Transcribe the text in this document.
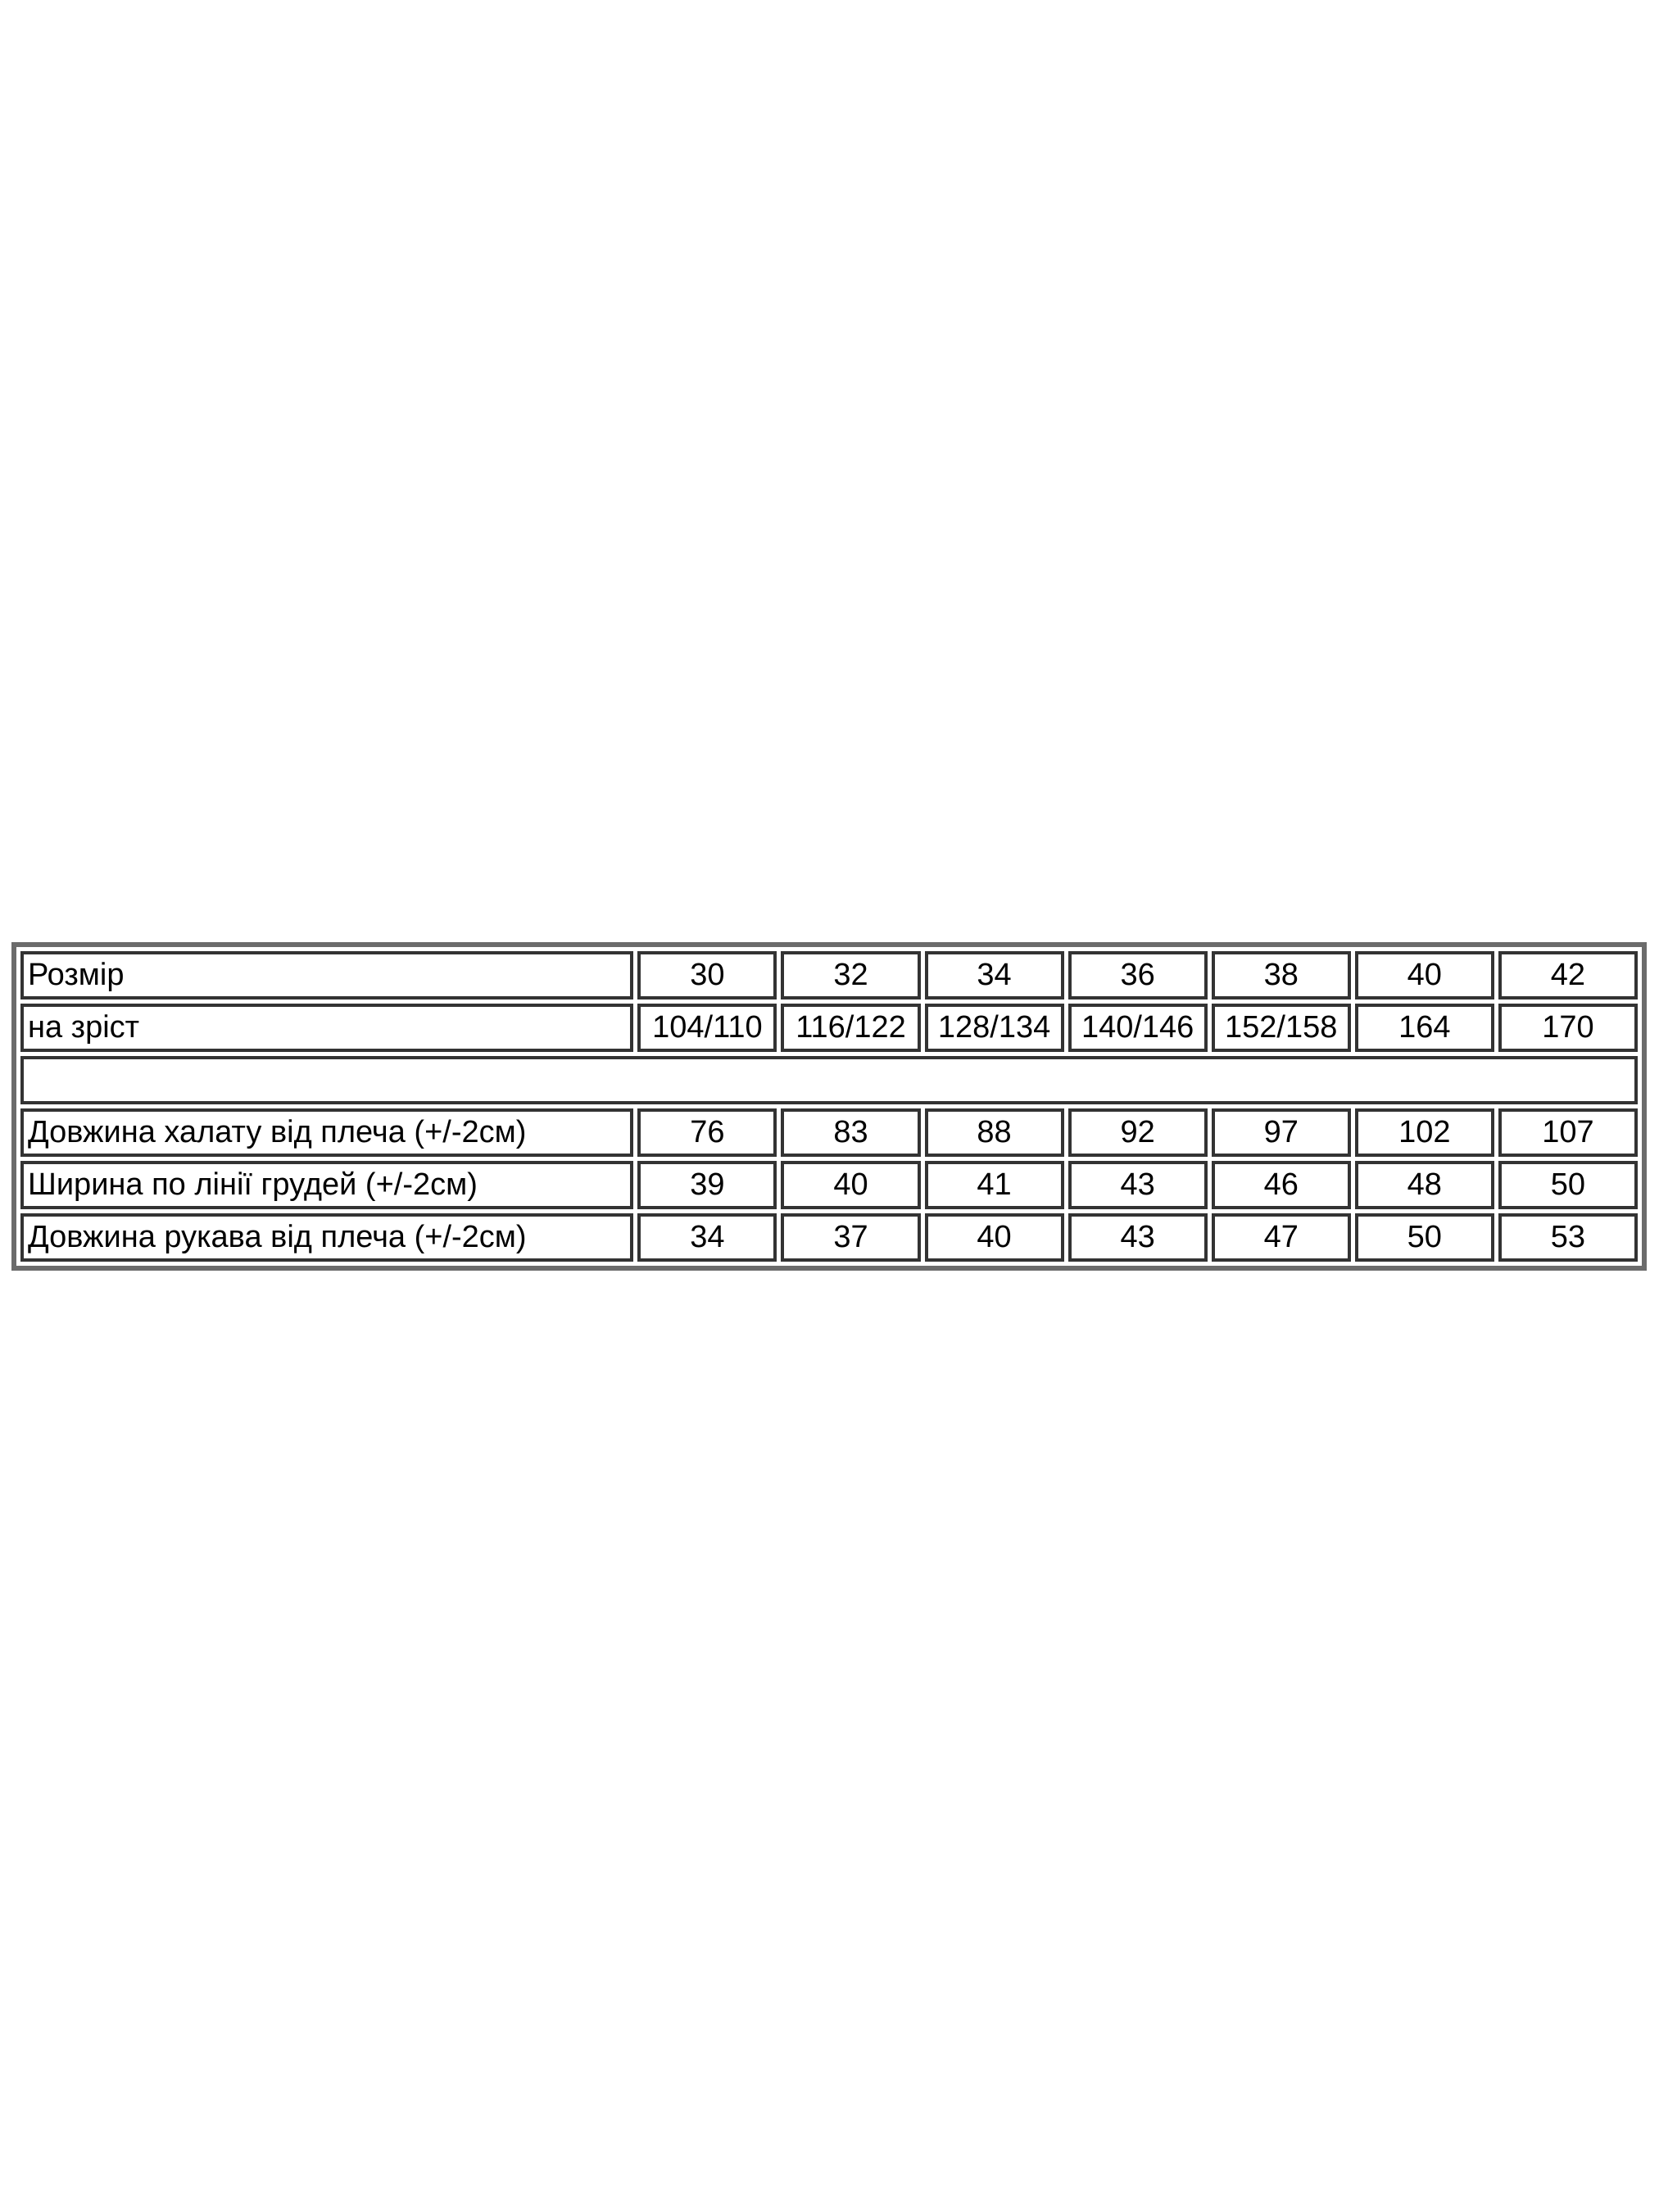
Розмір	30	32	34	36	38	40	42
на зріст	104/110	116/122	128/134	140/146	152/158	164	170

Довжина халату від плеча (+/-2см)	76	83	88	92	97	102	107
Ширина по лінії грудей (+/-2см)	39	40	41	43	46	48	50
Довжина рукава від плеча (+/-2см)	34	37	40	43	47	50	53
